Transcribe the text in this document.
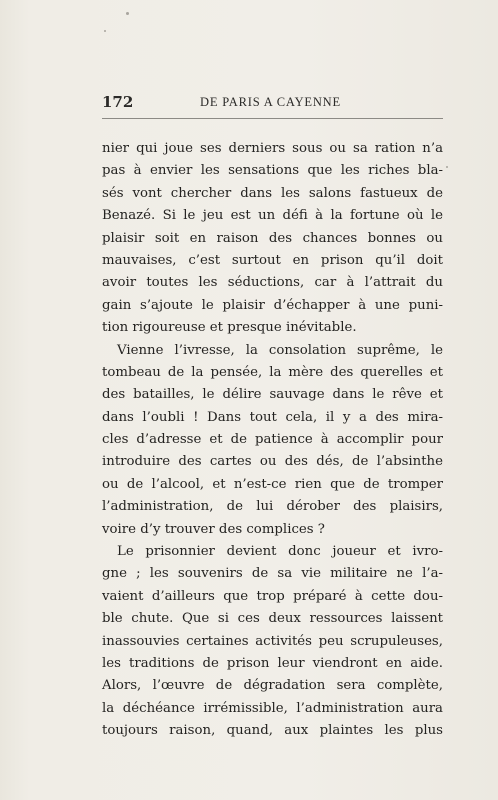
172	DE PARIS A CAYENNE
nier qui joue ses derniers sous ou sa ration n’a
pas à envier les sensations que les riches bla-
sés vont chercher dans les salons fastueux de
Benazé. Si le jeu est un défi à la fortune où le
plaisir soit en raison des chances bonnes ou
mauvaises, c’est surtout en prison qu’il doit
avoir toutes les séductions, car à l’attrait du
gain s’ajoute le plaisir d’échapper à une puni-
tion rigoureuse et presque inévitable.
Vienne l’ivresse, la consolation suprême, le
tombeau de la pensée, la mère des querelles et
des batailles, le délire sauvage dans le rêve et
dans l’oubli ! Dans tout cela, il y a des mira-
cles d’adresse et de patience à accomplir pour
introduire des cartes ou des dés, de l’absinthe
ou de l’alcool, et n’est-ce rien que de tromper
l’administration, de lui dérober des plaisirs,
voire d’y trouver des complices ?
Le prisonnier devient donc joueur et ivro-
gne ; les souvenirs de sa vie militaire ne l’a-
vaient d’ailleurs que trop préparé à cette dou-
ble chute. Que si ces deux ressources laissent
inassouvies certaines activités peu scrupuleuses,
les traditions de prison leur viendront en aide.
Alors, l’œuvre de dégradation sera complète,
la déchéance irrémissible, l’administration aura
toujours raison, quand, aux plaintes les plus
